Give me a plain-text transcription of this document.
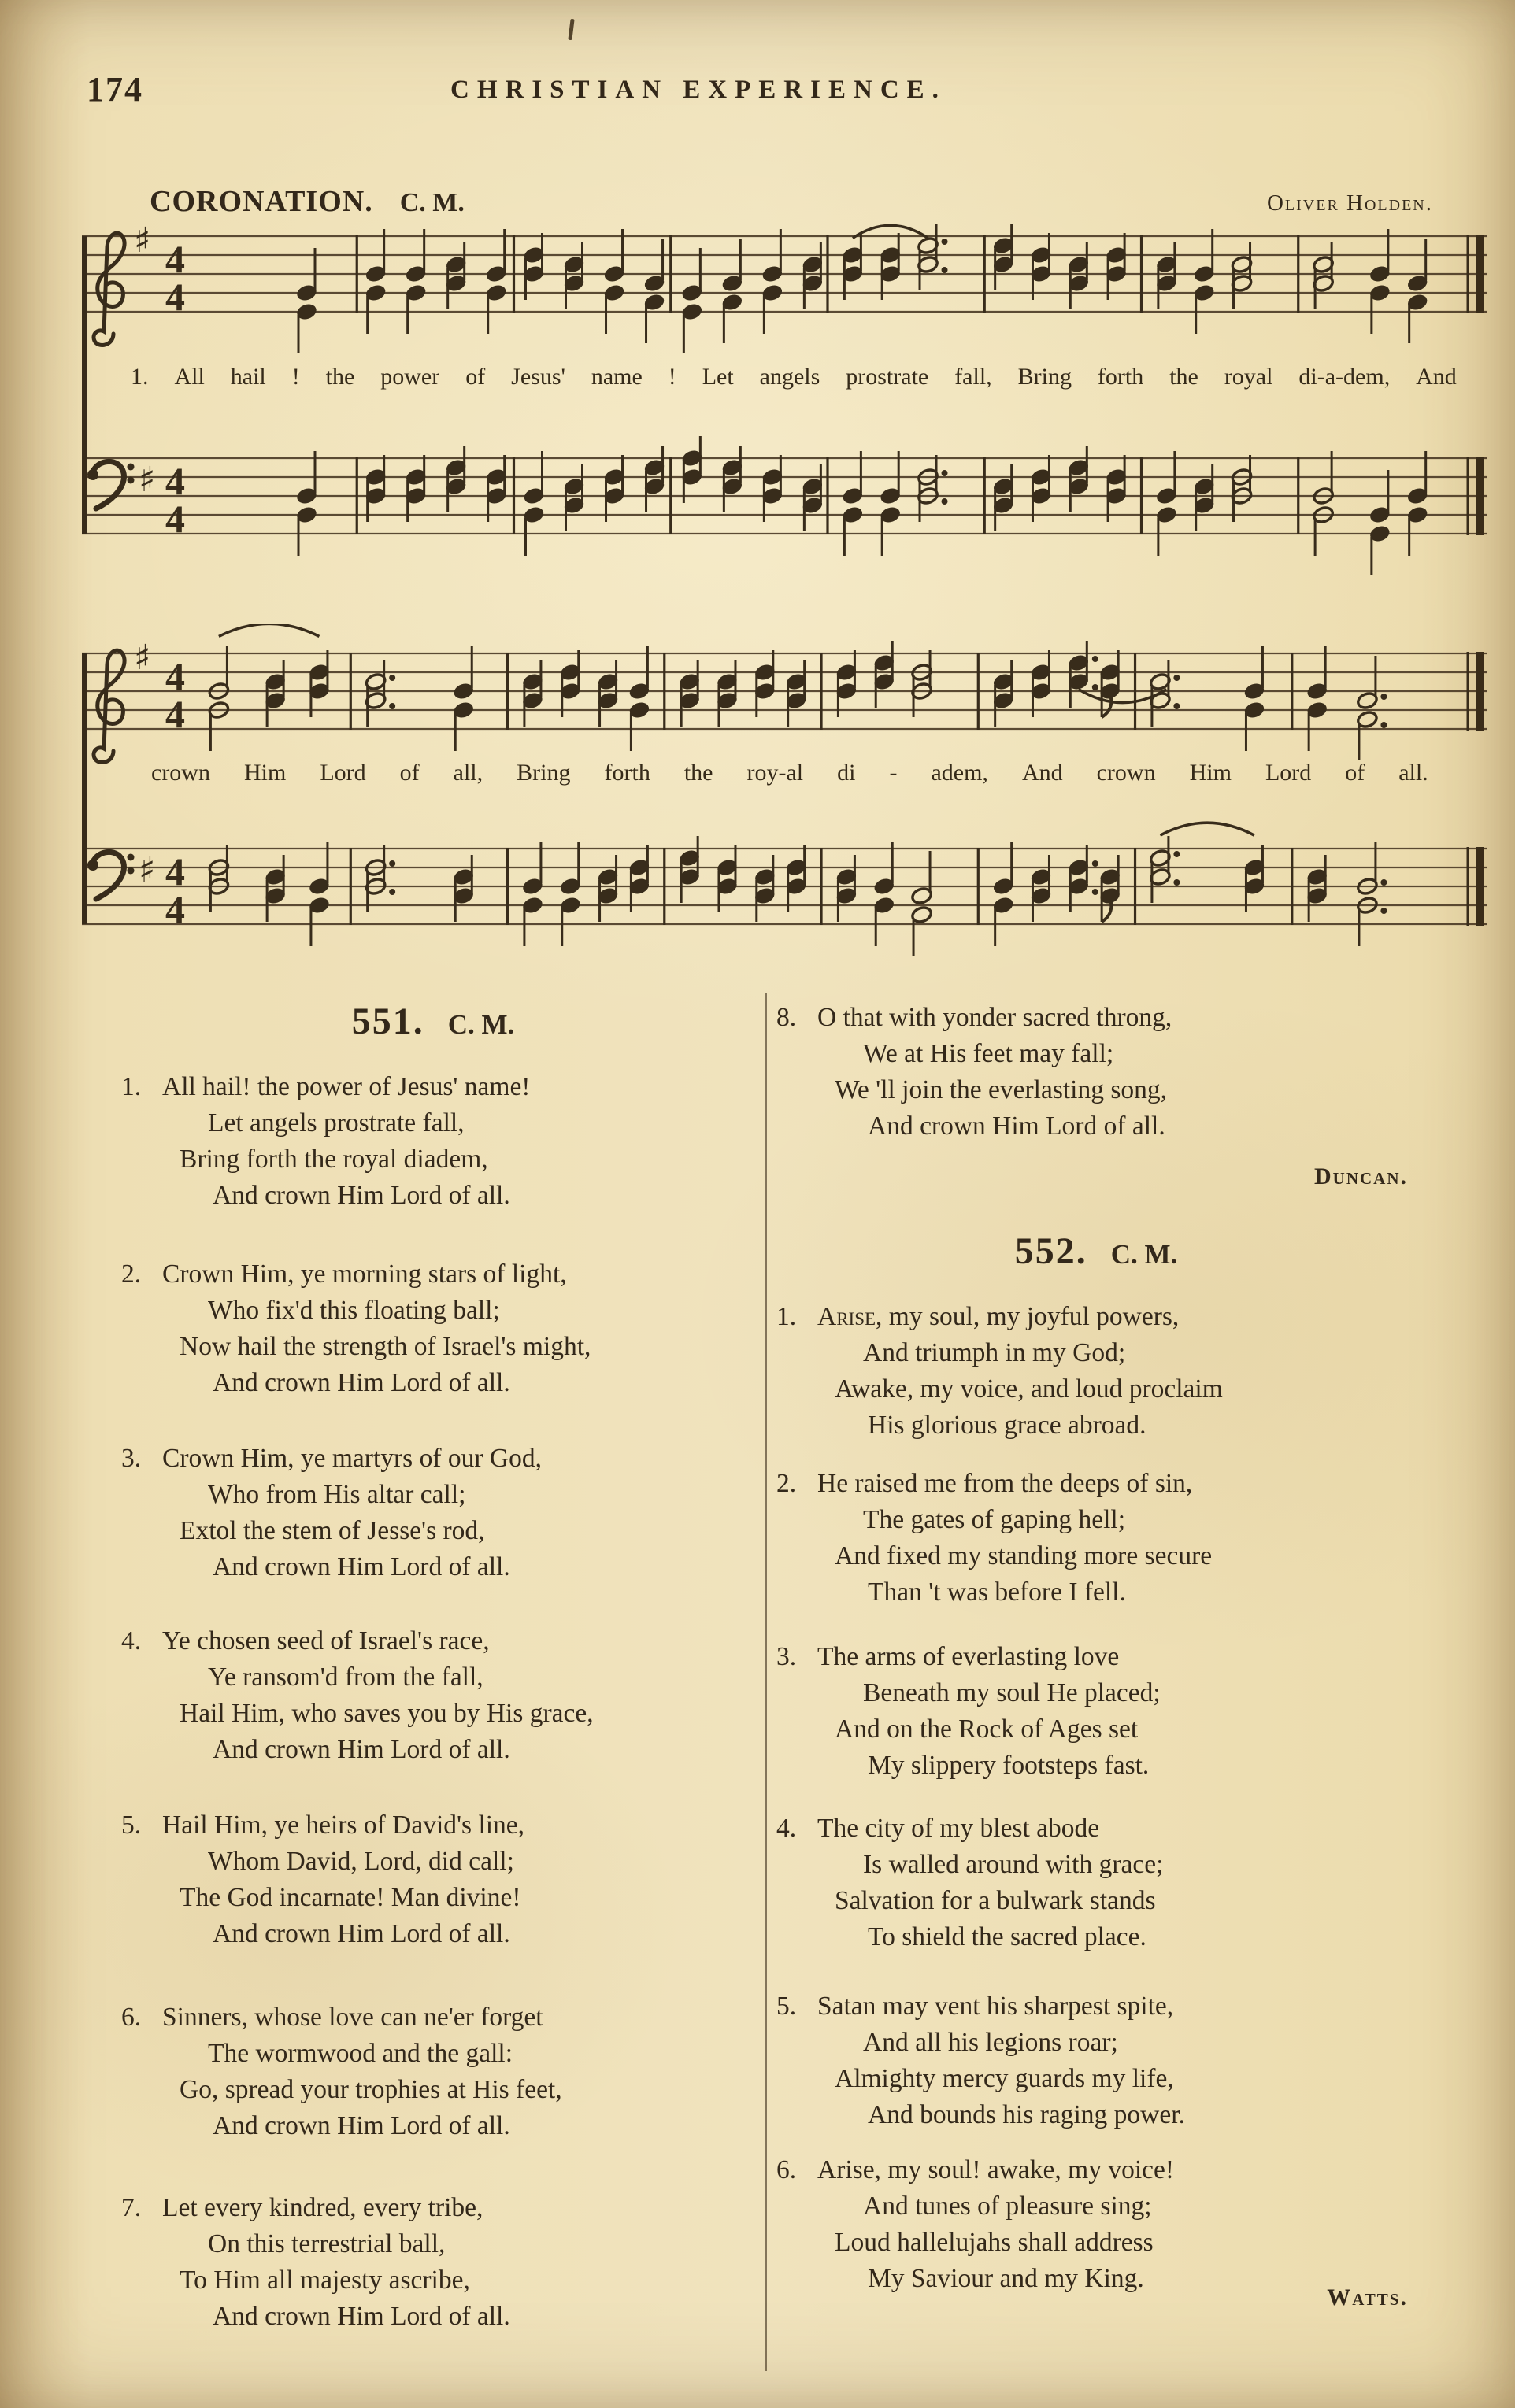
174	CHRISTIAN EXPERIENCE.
CORONATION. C. M.	Oliver Holden.
♯ 4
4
♯ 4
4
1. All hail ! the power of Jesus' name ! Let angels prostrate fall, Bring forth the royal di-a-dem, And
♯ 4
4
♯ 4
4
crown Him Lord of all, Bring forth the roy-al di - adem, And crown Him Lord of all.
551. C. M.
1. All hail! the power of Jesus' name!
Let angels prostrate fall,
Bring forth the royal diadem,
And crown Him Lord of all.
2. Crown Him, ye morning stars of light,
Who fix'd this floating ball;
Now hail the strength of Israel's might,
And crown Him Lord of all.
3. Crown Him, ye martyrs of our God,
Who from His altar call;
Extol the stem of Jesse's rod,
And crown Him Lord of all.
4. Ye chosen seed of Israel's race,
Ye ransom'd from the fall,
Hail Him, who saves you by His grace,
And crown Him Lord of all.
5. Hail Him, ye heirs of David's line,
Whom David, Lord, did call;
The God incarnate! Man divine!
And crown Him Lord of all.
6. Sinners, whose love can ne'er forget
The wormwood and the gall:
Go, spread your trophies at His feet,
And crown Him Lord of all.
7. Let every kindred, every tribe,
On this terrestrial ball,
To Him all majesty ascribe,
And crown Him Lord of all.
Duncan.
552. C. M.
Watts.
8. O that with yonder sacred throng,
We at His feet may fall;
We 'll join the everlasting song,
And crown Him Lord of all.
1. Arise, my soul, my joyful powers,
And triumph in my God;
Awake, my voice, and loud proclaim
His glorious grace abroad.
2. He raised me from the deeps of sin,
The gates of gaping hell;
And fixed my standing more secure
Than 't was before I fell.
3. The arms of everlasting love
Beneath my soul He placed;
And on the Rock of Ages set
My slippery footsteps fast.
4. The city of my blest abode
Is walled around with grace;
Salvation for a bulwark stands
To shield the sacred place.
5. Satan may vent his sharpest spite,
And all his legions roar;
Almighty mercy guards my life,
And bounds his raging power.
6. Arise, my soul! awake, my voice!
And tunes of pleasure sing;
Loud hallelujahs shall address
My Saviour and my King.
